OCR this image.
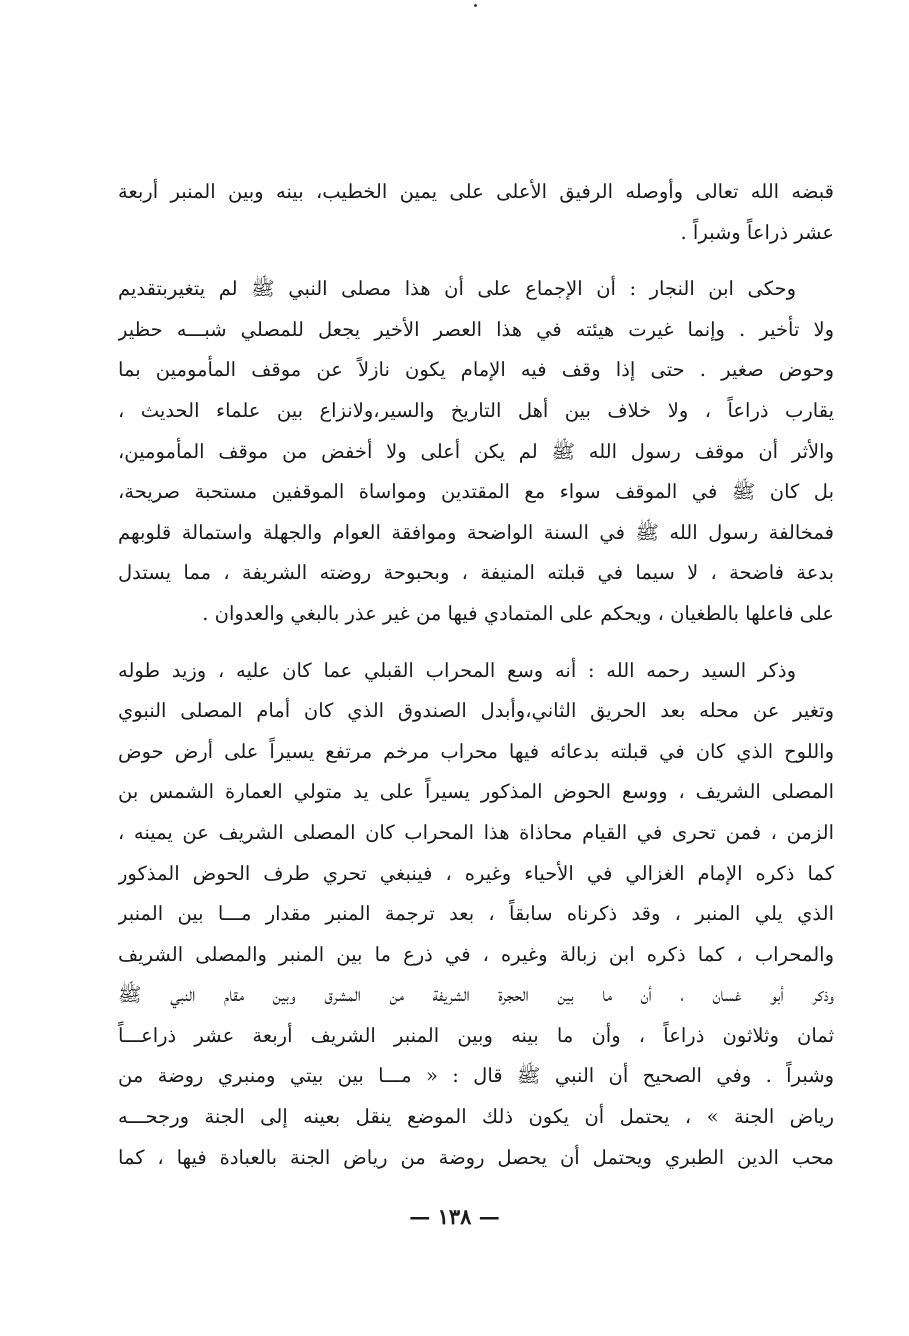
قبضه الله تعالى وأوصله الرفيق الأعلى على يمين الخطيب، بينه وبين المنبر أربعة
عشر ذراعاً وشبراً .
وحكى ابن النجار : أن الإجماع على أن هذا مصلى النبي ﷺ لم يتغيربتقديم
ولا تأخير . وإنما غيرت هيئته في هذا العصر الأخير يجعل للمصلي شبـــه حظير
وحوض صغير . حتى إذا وقف فيه الإمام يكون نازلاً عن موقف المأمومين بما
يقارب ذراعاً ، ولا خلاف بين أهل التاريخ والسير،ولانزاع بين علماء الحديث ،
والأثر أن موقف رسول الله ﷺ لم يكن أعلى ولا أخفض من موقف المأمومين،
بل كان ﷺ في الموقف سواء مع المقتدين ومواساة الموقفين مستحبة صريحة،
فمخالفة رسول الله ﷺ في السنة الواضحة وموافقة العوام والجهلة واستمالة قلوبهم
بدعة فاضحة ، لا سيما في قبلته المنيفة ، وبحبوحة روضته الشريفة ، مما يستدل
على فاعلها بالطغيان ، ويحكم على المتمادي فيها من غير عذر بالبغي والعدوان .
وذكر السيد رحمه الله : أنه وسع المحراب القبلي عما كان عليه ، وزيد طوله
وتغير عن محله بعد الحريق الثاني،وأبدل الصندوق الذي كان أمام المصلى النبوي
واللوح الذي كان في قبلته بدعائه فيها محراب مرخم مرتفع يسيراً على أرض حوض
المصلى الشريف ، ووسع الحوض المذكور يسيراً على يد متولي العمارة الشمس بن
الزمن ، فمن تحرى في القيام محاذاة هذا المحراب كان المصلى الشريف عن يمينه ،
كما ذكره الإمام الغزالي في الأحياء وغيره ، فينبغي تحري طرف الحوض المذكور
الذي يلي المنبر ، وقد ذكرناه سابقاً ، بعد ترجمة المنبر مقدار مـــا بين المنبر
والمحراب ، كما ذكره ابن زبالة وغيره ، في ذرع ما بين المنبر والمصلى الشريف
وذكر أبو غسان ، أن ما بين الحجرة الشريفة من المشرق وبين مقام النبي ﷺ
ثمان وثلاثون ذراعاً ، وأن ما بينه وبين المنبر الشريف أربعة عشر ذراعـــاً
وشبراً . وفي الصحيح أن النبي ﷺ قال : « مـــا بين بيتي ومنبري روضة من
رياض الجنة » ، يحتمل أن يكون ذلك الموضع ينقل بعينه إلى الجنة ورجحـــه
محب الدين الطبري ويحتمل أن يحصل روضة من رياض الجنة بالعبادة فيها ، كما
— ١٣٨ —
